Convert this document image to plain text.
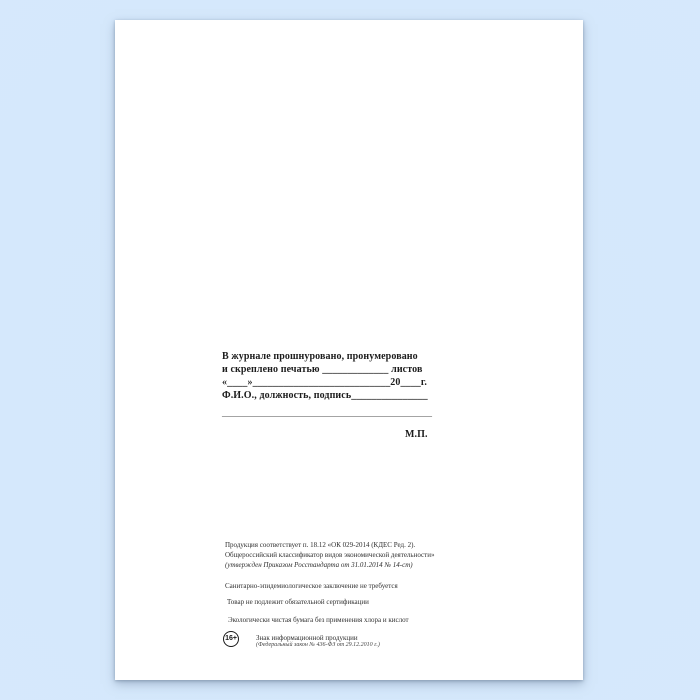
В журнале прошнуровано, пронумеровано
и скреплено печатью _____________ листов
«____»___________________________20____г.
Ф.И.О., должность, подпись_______________
__________________________________________
М.П.
Продукция соответствует п. 18.12 «ОК 029-2014 (КДЕС Ред. 2).
Общероссийский классификатор видов экономической деятельности»
(утвержден Приказом Росстандарта от 31.01.2014 № 14-ст)
Санитарно-эпидемиологическое заключение не требуется
Товар не подлежит обязательной сертификации
Экологически чистая бумага без применения хлора и кислот
16+	Знак информационной продукции
(Федеральный закон № 436-ФЗ от 29.12.2010 г.)
